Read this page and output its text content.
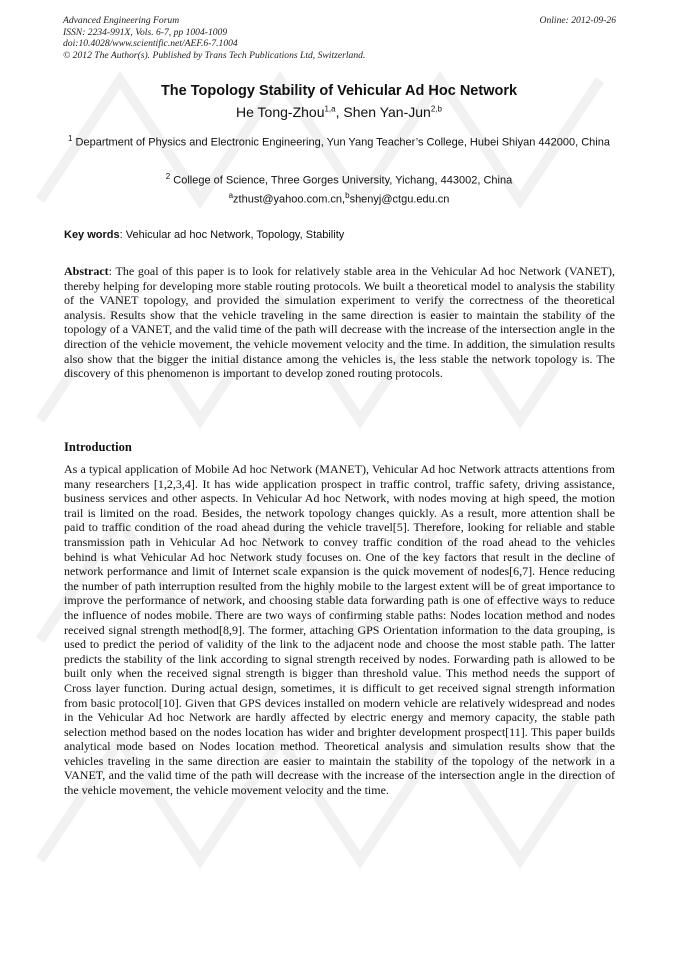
Advanced Engineering Forum
ISSN: 2234-991X, Vols. 6-7, pp 1004-1009
doi:10.4028/www.scientific.net/AEF.6-7.1004
© 2012 The Author(s). Published by Trans Tech Publications Ltd, Switzerland.
Online: 2012-09-26
The Topology Stability of Vehicular Ad Hoc Network
He Tong-Zhou$^{1,a}$, Shen Yan-Jun$^{2,b}$
$^1$ Department of Physics and Electronic Engineering, Yun Yang Teacher’s College, Hubei Shiyan 442000, China
$^2$ College of Science, Three Gorges University, Yichang, 443002, China
$^a$zthust@yahoo.com.cn,$^b$shenyj@ctgu.edu.cn
Key words: Vehicular ad hoc Network, Topology, Stability
Abstract: The goal of this paper is to look for relatively stable area in the Vehicular Ad hoc Network (VANET), thereby helping for developing more stable routing protocols. We built a theoretical model to analysis the stability of the VANET topology, and provided the simulation experiment to verify the correctness of the theoretical analysis. Results show that the vehicle traveling in the same direction is easier to maintain the stability of the topology of a VANET, and the valid time of the path will decrease with the increase of the intersection angle in the direction of the vehicle movement, the vehicle movement velocity and the time. In addition, the simulation results also show that the bigger the initial distance among the vehicles is, the less stable the network topology is. The discovery of this phenomenon is important to develop zoned routing protocols.
Introduction
As a typical application of Mobile Ad hoc Network (MANET), Vehicular Ad hoc Network attracts attentions from many researchers [1,2,3,4]. It has wide application prospect in traffic control, traffic safety, driving assistance, business services and other aspects. In Vehicular Ad hoc Network, with nodes moving at high speed, the motion trail is limited on the road. Besides, the network topology changes quickly. As a result, more attention shall be paid to traffic condition of the road ahead during the vehicle travel[5]. Therefore, looking for reliable and stable transmission path in Vehicular Ad hoc Network to convey traffic condition of the road ahead to the vehicles behind is what Vehicular Ad hoc Network study focuses on. One of the key factors that result in the decline of network performance and limit of Internet scale expansion is the quick movement of nodes[6,7]. Hence reducing the number of path interruption resulted from the highly mobile to the largest extent will be of great importance to improve the performance of network, and choosing stable data forwarding path is one of effective ways to reduce the influence of nodes mobile. There are two ways of confirming stable paths: Nodes location method and nodes received signal strength method[8,9]. The former, attaching GPS Orientation information to the data grouping, is used to predict the period of validity of the link to the adjacent node and choose the most stable path. The latter predicts the stability of the link according to signal strength received by nodes. Forwarding path is allowed to be built only when the received signal strength is bigger than threshold value. This method needs the support of Cross layer function. During actual design, sometimes, it is difficult to get received signal strength information from basic protocol[10]. Given that GPS devices installed on modern vehicle are relatively widespread and nodes in the Vehicular Ad hoc Network are hardly affected by electric energy and memory capacity, the stable path selection method based on the nodes location has wider and brighter development prospect[11]. This paper builds analytical mode based on Nodes location method. Theoretical analysis and simulation results show that the vehicles traveling in the same direction are easier to maintain the stability of the topology of the network in a VANET, and the valid time of the path will decrease with the increase of the intersection angle in the direction of the vehicle movement, the vehicle movement velocity and the time.
